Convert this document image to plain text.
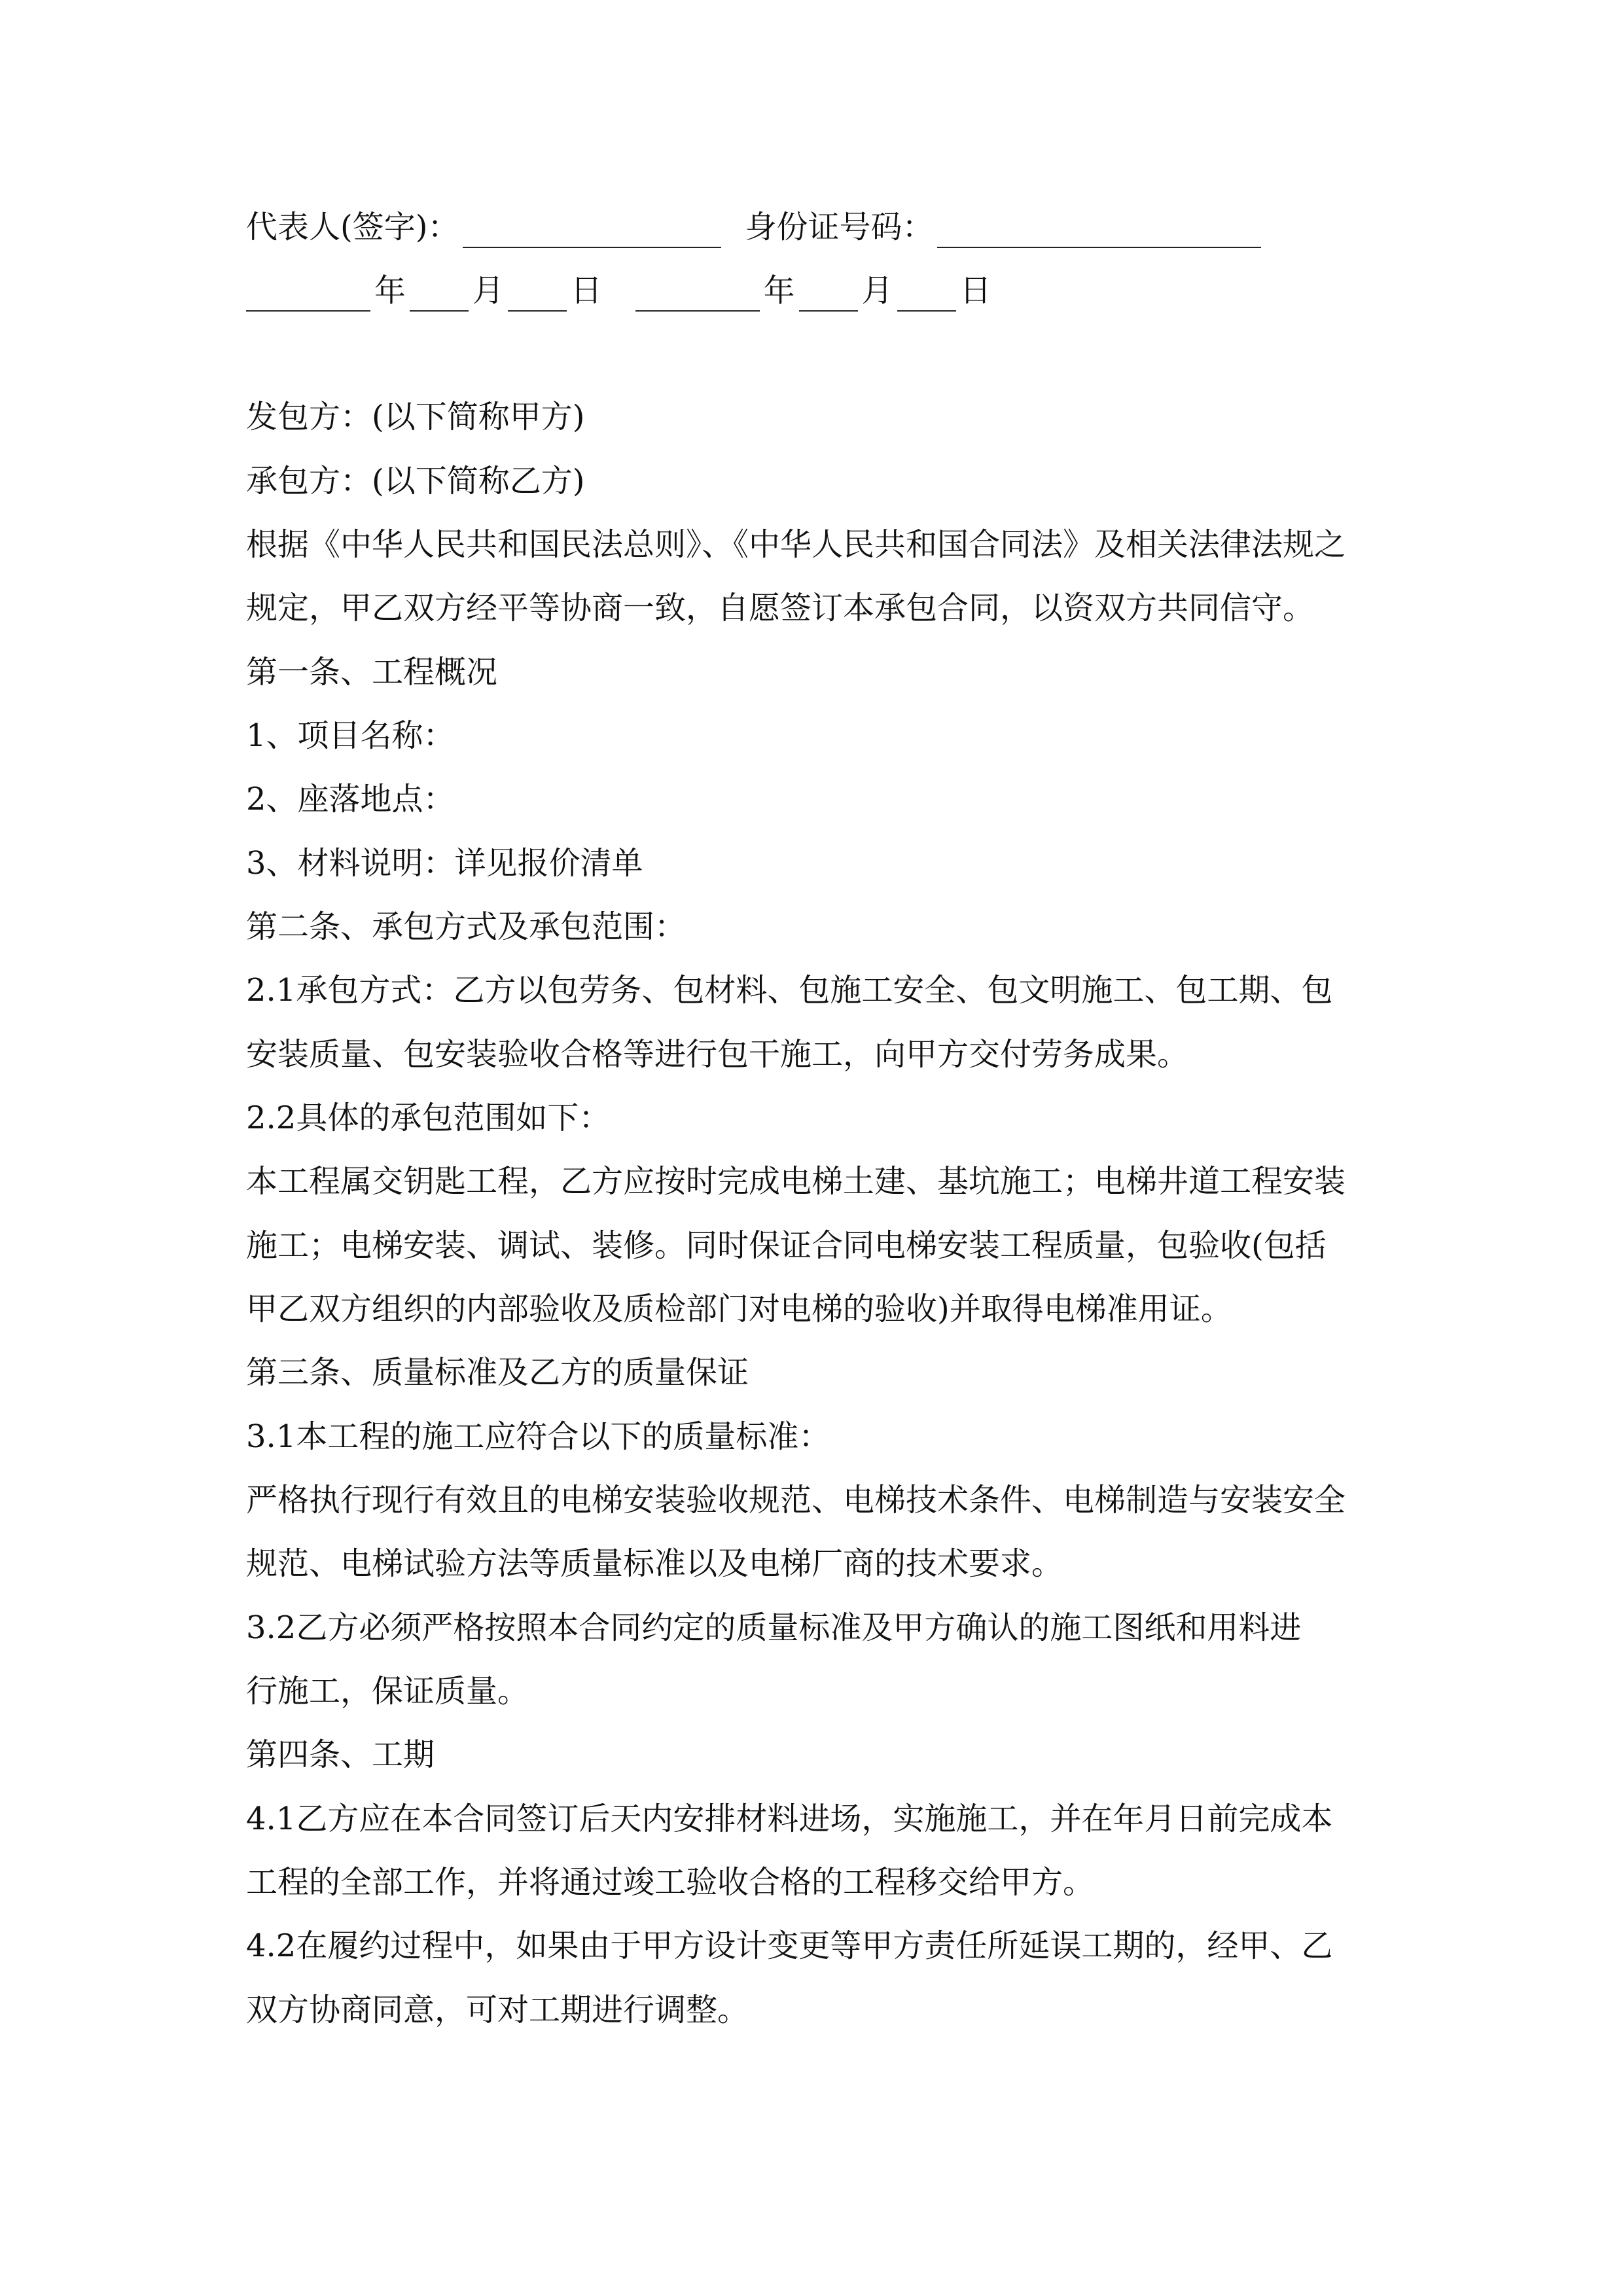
代表人(签字)：	身份证号码：
年 月 日	年 月 日
发包方：(以下简称甲方)
承包方：(以下简称乙方)
根据《中华人民共和国民法总则》、《中华人民共和国合同法》及相关法律法规之
规定，甲乙双方经平等协商一致，自愿签订本承包合同，以资双方共同信守。
第一条、工程概况
1、项目名称：
2、座落地点：
3、材料说明：详见报价清单
第二条、承包方式及承包范围：
2.1承包方式：乙方以包劳务、包材料、包施工安全、包文明施工、包工期、包
安装质量、包安装验收合格等进行包干施工，向甲方交付劳务成果。
2.2具体的承包范围如下：
本工程属交钥匙工程，乙方应按时完成电梯土建、基坑施工；电梯井道工程安装
施工；电梯安装、调试、装修。同时保证合同电梯安装工程质量，包验收(包括
甲乙双方组织的内部验收及质检部门对电梯的验收)并取得电梯准用证。
第三条、质量标准及乙方的质量保证
3.1本工程的施工应符合以下的质量标准：
严格执行现行有效且的电梯安装验收规范、电梯技术条件、电梯制造与安装安全
规范、电梯试验方法等质量标准以及电梯厂商的技术要求。
3.2乙方必须严格按照本合同约定的质量标准及甲方确认的施工图纸和用料进
行施工，保证质量。
第四条、工期
4.1乙方应在本合同签订后天内安排材料进场，实施施工，并在年月日前完成本
工程的全部工作，并将通过竣工验收合格的工程移交给甲方。
4.2在履约过程中，如果由于甲方设计变更等甲方责任所延误工期的，经甲、乙
双方协商同意，可对工期进行调整。
